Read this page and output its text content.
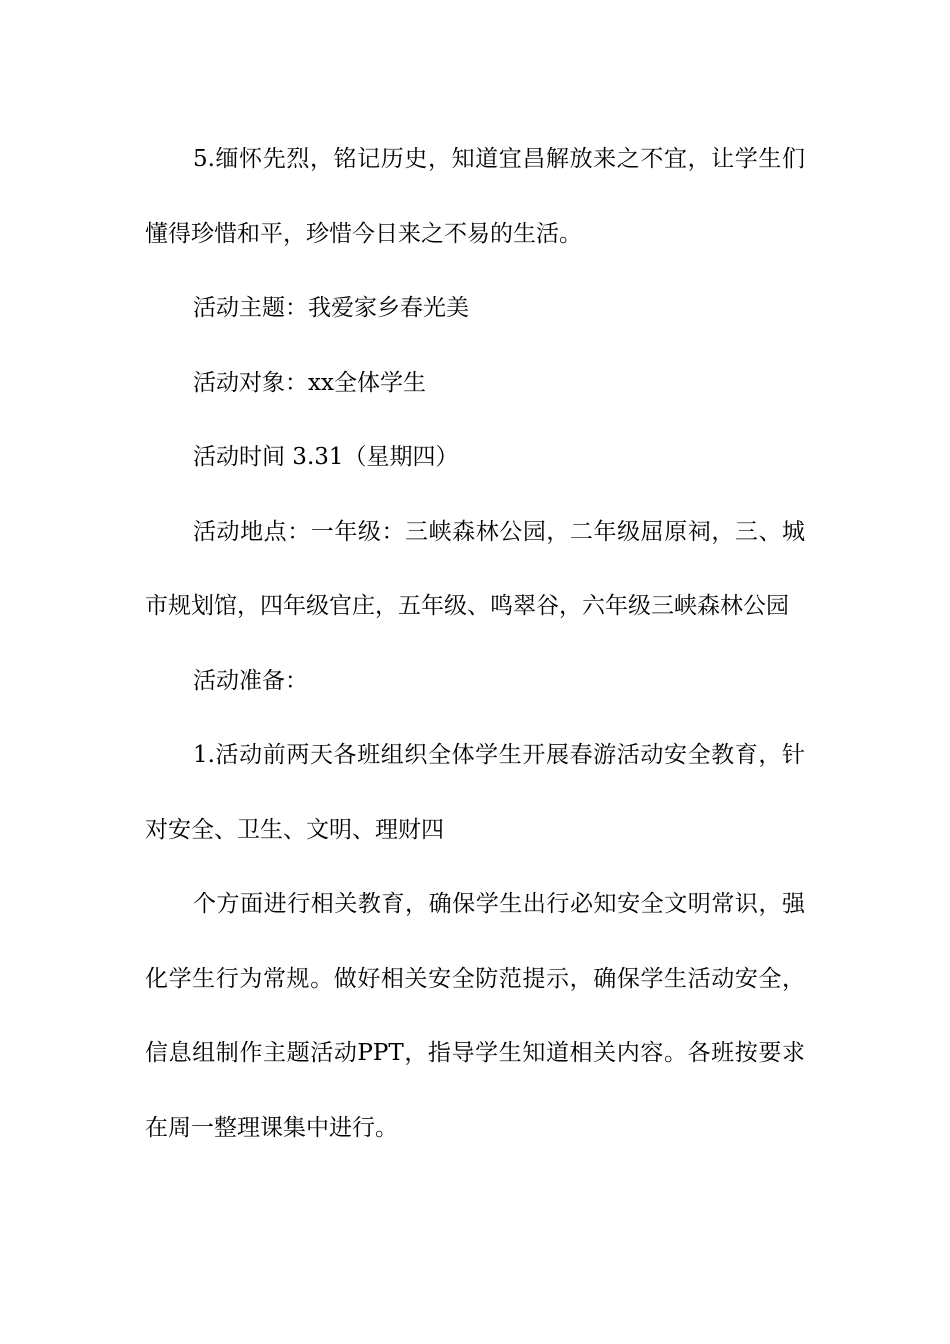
5.缅怀先烈，铭记历史，知道宜昌解放来之不宜，让学生们懂得珍惜和平，珍惜今日来之不易的生活。

活动主题：我爱家乡春光美

活动对象：xx全体学生

活动时间 3.31（星期四）

活动地点：一年级：三峡森林公园，二年级屈原祠，三、城市规划馆，四年级官庄，五年级、鸣翠谷，六年级三峡森林公园

活动准备：

1.活动前两天各班组织全体学生开展春游活动安全教育，针对安全、卫生、文明、理财四

个方面进行相关教育，确保学生出行必知安全文明常识，强化学生行为常规。做好相关安全防范提示，确保学生活动安全，信息组制作主题活动PPT，指导学生知道相关内容。各班按要求在周一整理课集中进行。
